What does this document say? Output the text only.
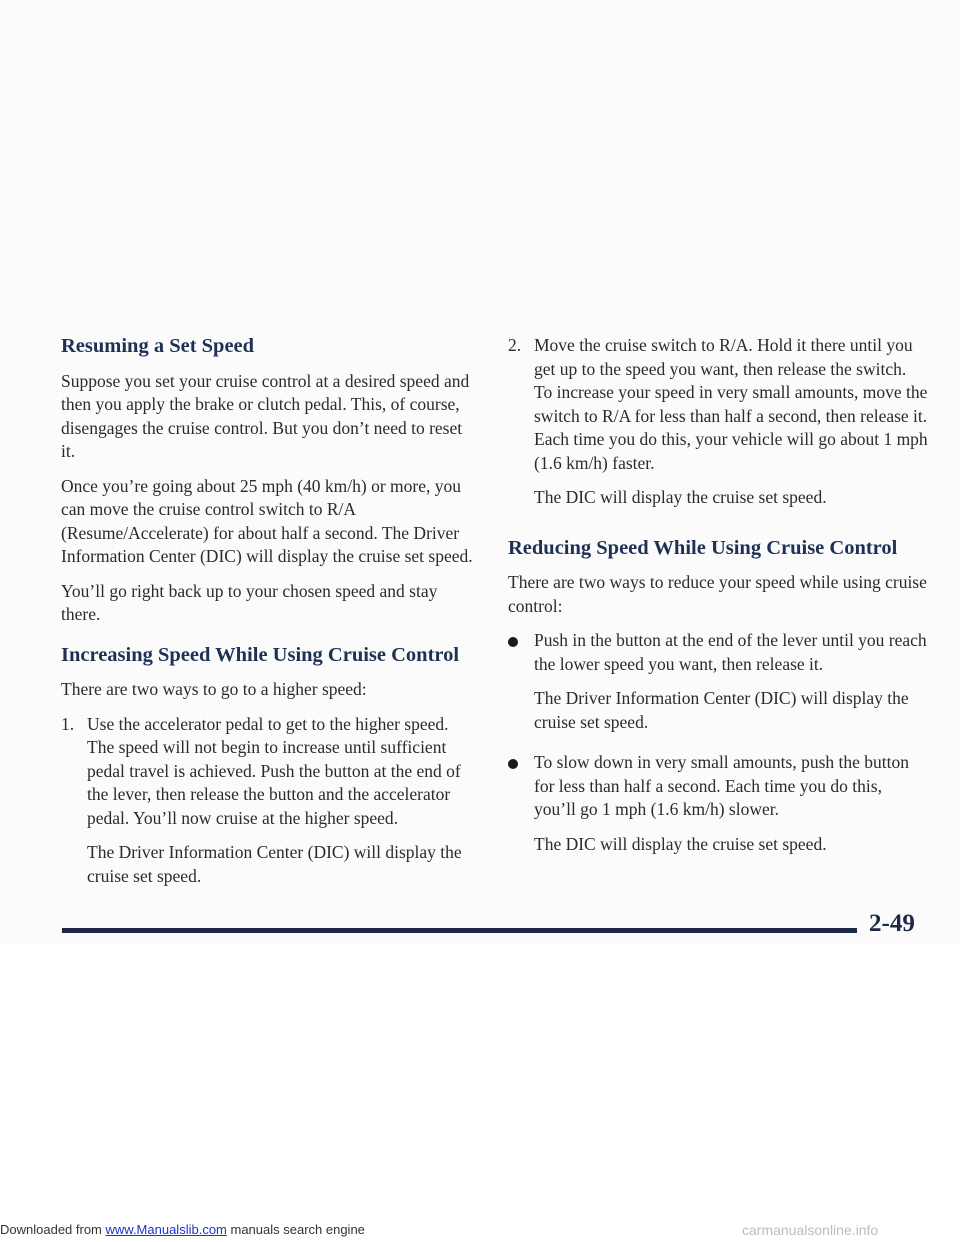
Resuming a Set Speed

Suppose you set your cruise control at a desired speed and then you apply the brake or clutch pedal. This, of course, disengages the cruise control. But you don’t need to reset it.

Once you’re going about 25 mph (40 km/h) or more, you can move the cruise control switch to R/A (Resume/Accelerate) for about half a second. The Driver Information Center (DIC) will display the cruise set speed.

You’ll go right back up to your chosen speed and stay there.

Increasing Speed While Using Cruise Control

There are two ways to go to a higher speed:

1. Use the accelerator pedal to get to the higher speed. The speed will not begin to increase until sufficient pedal travel is achieved. Push the button at the end of the lever, then release the button and the accelerator pedal. You’ll now cruise at the higher speed.

The Driver Information Center (DIC) will display the cruise set speed.

2. Move the cruise switch to R/A. Hold it there until you get up to the speed you want, then release the switch. To increase your speed in very small amounts, move the switch to R/A for less than half a second, then release it. Each time you do this, your vehicle will go about 1 mph (1.6 km/h) faster.

The DIC will display the cruise set speed.

Reducing Speed While Using Cruise Control

There are two ways to reduce your speed while using cruise control:

Push in the button at the end of the lever until you reach the lower speed you want, then release it.

The Driver Information Center (DIC) will display the cruise set speed.

To slow down in very small amounts, push the button for less than half a second. Each time you do this, you’ll go 1 mph (1.6 km/h) slower.

The DIC will display the cruise set speed.

2-49
Downloaded from www.Manualslib.com manuals search engine	carmanualsonline.info
